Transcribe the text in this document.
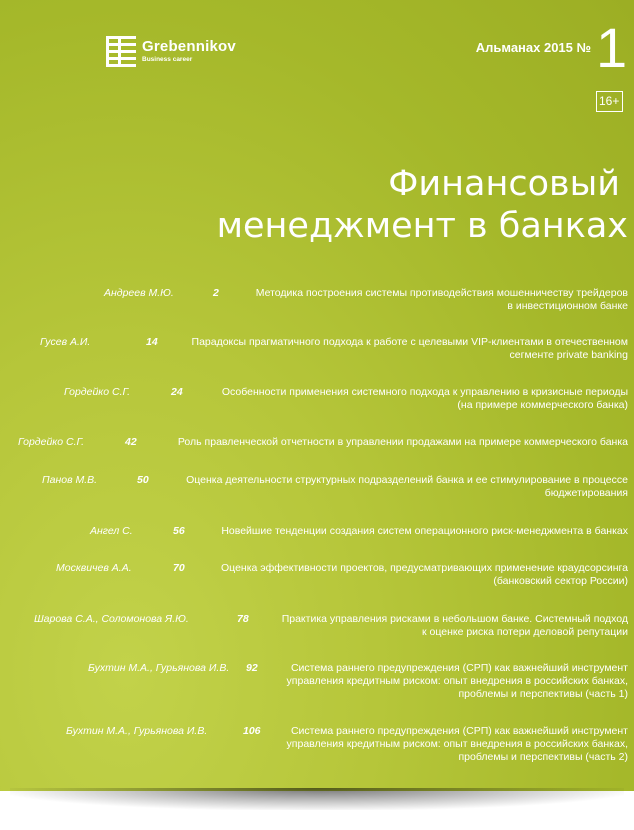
Grebennikov
Business career
Альманах 2015 № 1
16+
Финансовый
менеджмент в банках
Андреев М.Ю.	2	Методика построения системы противодействия мошенничеству трейдеров
в инвестиционном банке
Гусев А.И.	14	Парадоксы прагматичного подхода к работе с целевыми VIP-клиентами в отечественном
сегменте private banking
Гордейко С.Г.	24	Особенности применения системного подхода к управлению в кризисные периоды
(на примере коммерческого банка)
Гордейко С.Г.	42	Роль правленческой отчетности в управлении продажами на примере коммерческого банка
Панов М.В.	50	Оценка деятельности структурных подразделений банка и ее стимулирование в процессе
бюджетирования
Ангел С.	56	Новейшие тенденции создания систем операционного риск-менеджмента в банках
Москвичев А.А.	70	Оценка эффективности проектов, предусматривающих применение краудсорсинга
(банковский сектор России)
Шарова С.А., Соломонова Я.Ю.	78	Практика управления рисками в небольшом банке. Системный подход
к оценке риска потери деловой репутации
Бухтин М.А., Гурьянова И.В. 92	Система раннего предупреждения (СРП) как важнейший инструмент
управления кредитным риском: опыт внедрения в российских банках,
проблемы и перспективы (часть 1)
Бухтин М.А., Гурьянова И.В.	106	Система раннего предупреждения (СРП) как важнейший инструмент
управления кредитным риском: опыт внедрения в российских банках,
проблемы и перспективы (часть 2)
